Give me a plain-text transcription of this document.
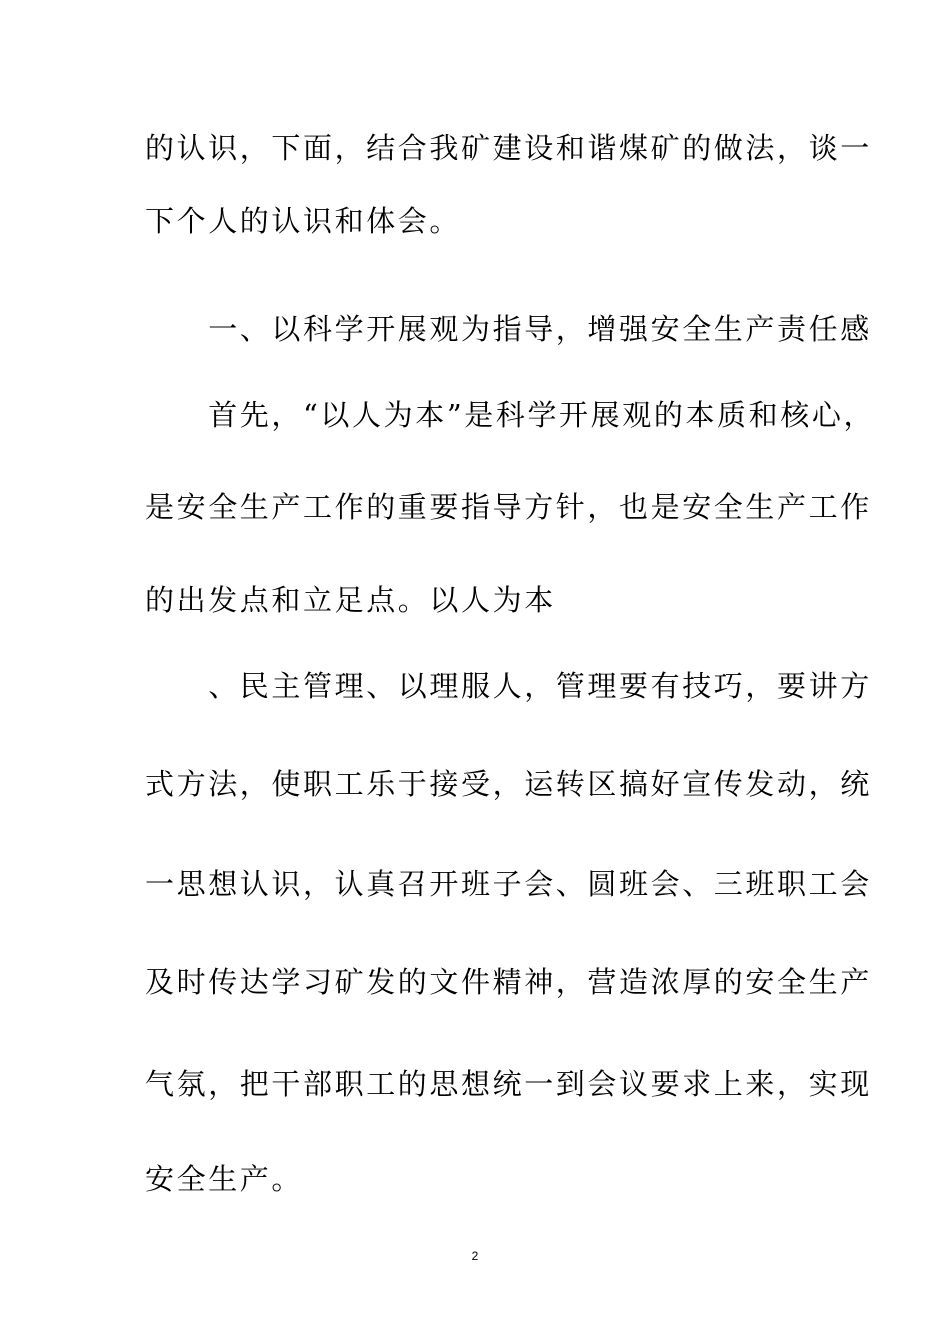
的认识，下面，结合我矿建设和谐煤矿的做法，谈一

下个人的认识和体会。

　　一、以科学开展观为指导，增强安全生产责任感

　　首先，“以人为本”是科学开展观的本质和核心，

是安全生产工作的重要指导方针，也是安全生产工作

的出发点和立足点。以人为本

　　、民主管理、以理服人，管理要有技巧，要讲方

式方法，使职工乐于接受，运转区搞好宣传发动，统

一思想认识，认真召开班子会、圆班会、三班职工会

及时传达学习矿发的文件精神，营造浓厚的安全生产

气氛，把干部职工的思想统一到会议要求上来，实现

安全生产。

2
